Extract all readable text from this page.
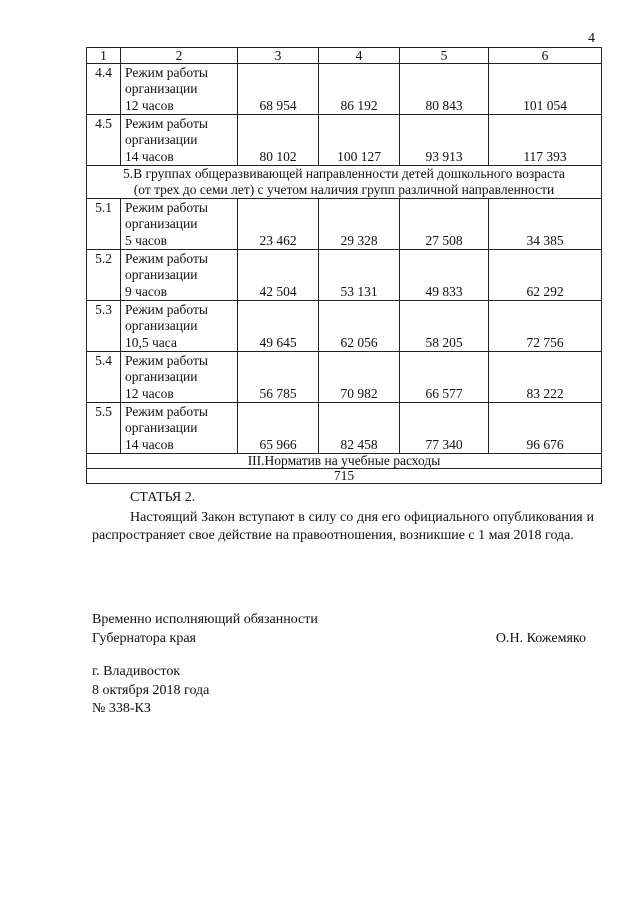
4
1	2	3	4	5	6
4.4	Режим работы
организации
12 часов	68 954	86 192	80 843	101 054
4.5	Режим работы
организации
14 часов	80 102	100 127	93 913	117 393

5.В группах общеразвивающей направленности детей дошкольного возраста
(от трех до семи лет) с учетом наличия групп различной направленности					

5.1	Режим работы
организации
5 часов	23 462	29 328	27 508	34 385
5.2	Режим работы
организации
9 часов	42 504	53 131	49 833	62 292
5.3	Режим работы
организации
10,5 часа	49 645	62 056	58 205	72 756
5.4	Режим работы
организации
12 часов	56 785	70 982	66 577	83 222
5.5	Режим работы
организации
14 часов	65 966	82 458	77 340	96 676
III.Норматив на учебные расходы					
715					
СТАТЬЯ 2.
Настоящий Закон вступают в силу со дня его официального опубликования и распространяет свое действие на правоотношения, возникшие с 1 мая 2018 года.
Временно исполняющий обязанности
Губернатора края	О.Н. Кожемяко
г. Владивосток
8 октября 2018 года
№ 338-КЗ
